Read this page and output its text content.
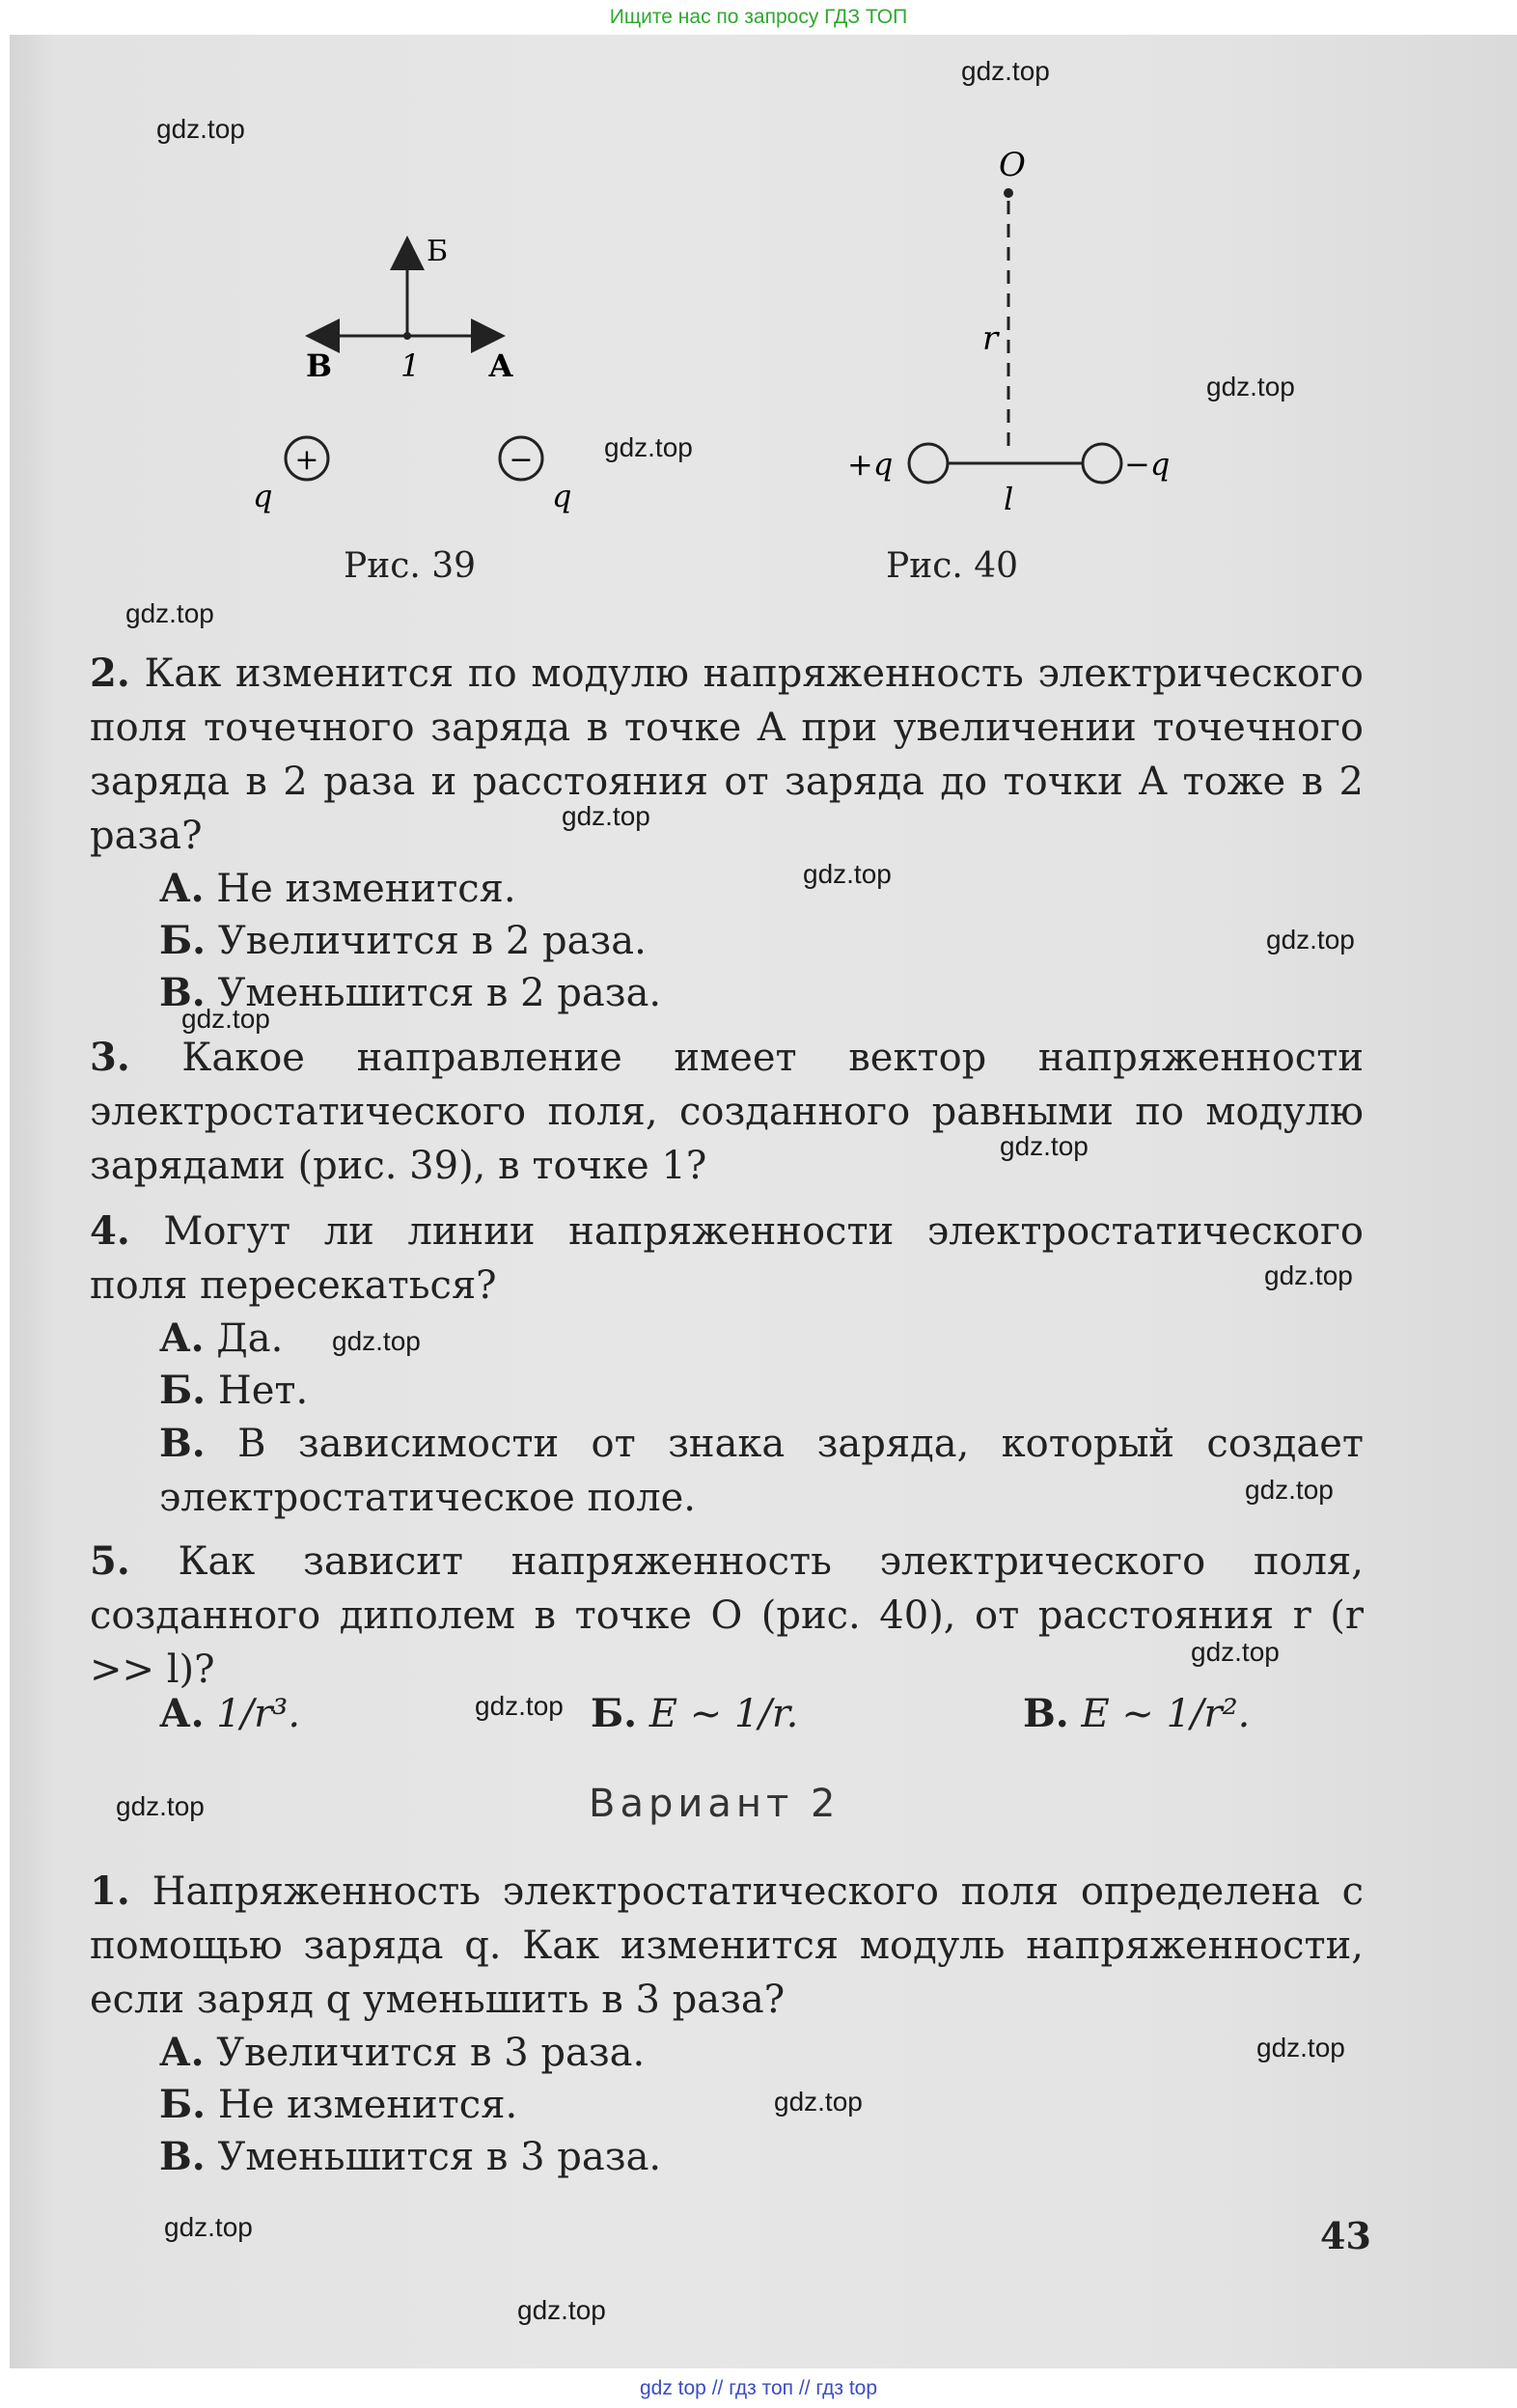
Ищите нас по запросу ГДЗ ТОП
Б
В 1 А
+	−
q	q
Рис. 39
O
r
+q	−q
l
Рис. 40

2. Как изменится по модулю напряженность электрического поля точечного заряда в точке A при увеличении точечного заряда в 2 раза и расстояния от заряда до точки A тоже в 2 раза?

А. Не изменится.
Б. Увеличится в 2 раза.
В. Уменьшится в 2 раза.

3. Какое направление имеет вектор напряженности электростатического поля, созданного равными по модулю зарядами (рис. 39), в точке 1?

4. Могут ли линии напряженности электростатического поля пересекаться?

А. Да.
Б. Нет.

В. В зависимости от знака заряда, который создает электростатическое поле.

5. Как зависит напряженность электрического поля, созданного диполем в точке O (рис. 40), от расстояния r (r >> l)?

А. 1/r³.	Б. E ~ 1/r.	В. E ~ 1/r².
Вариант 2

1. Напряженность электростатического поля определена с помощью заряда q. Как изменится модуль напряженности, если заряд q уменьшить в 3 раза?

А. Увеличится в 3 раза.
Б. Не изменится.
В. Уменьшится в 3 раза.
43
gdz.top
gdz.top
gdz.top
gdz.top
gdz.top
gdz.top
gdz.top
gdz.top
gdz.top
gdz.top
gdz.top
gdz.top
gdz.top
gdz.top
gdz.top
gdz.top
gdz.top
gdz.top
gdz.top
gdz.top
gdz top // гдз топ // гдз top
